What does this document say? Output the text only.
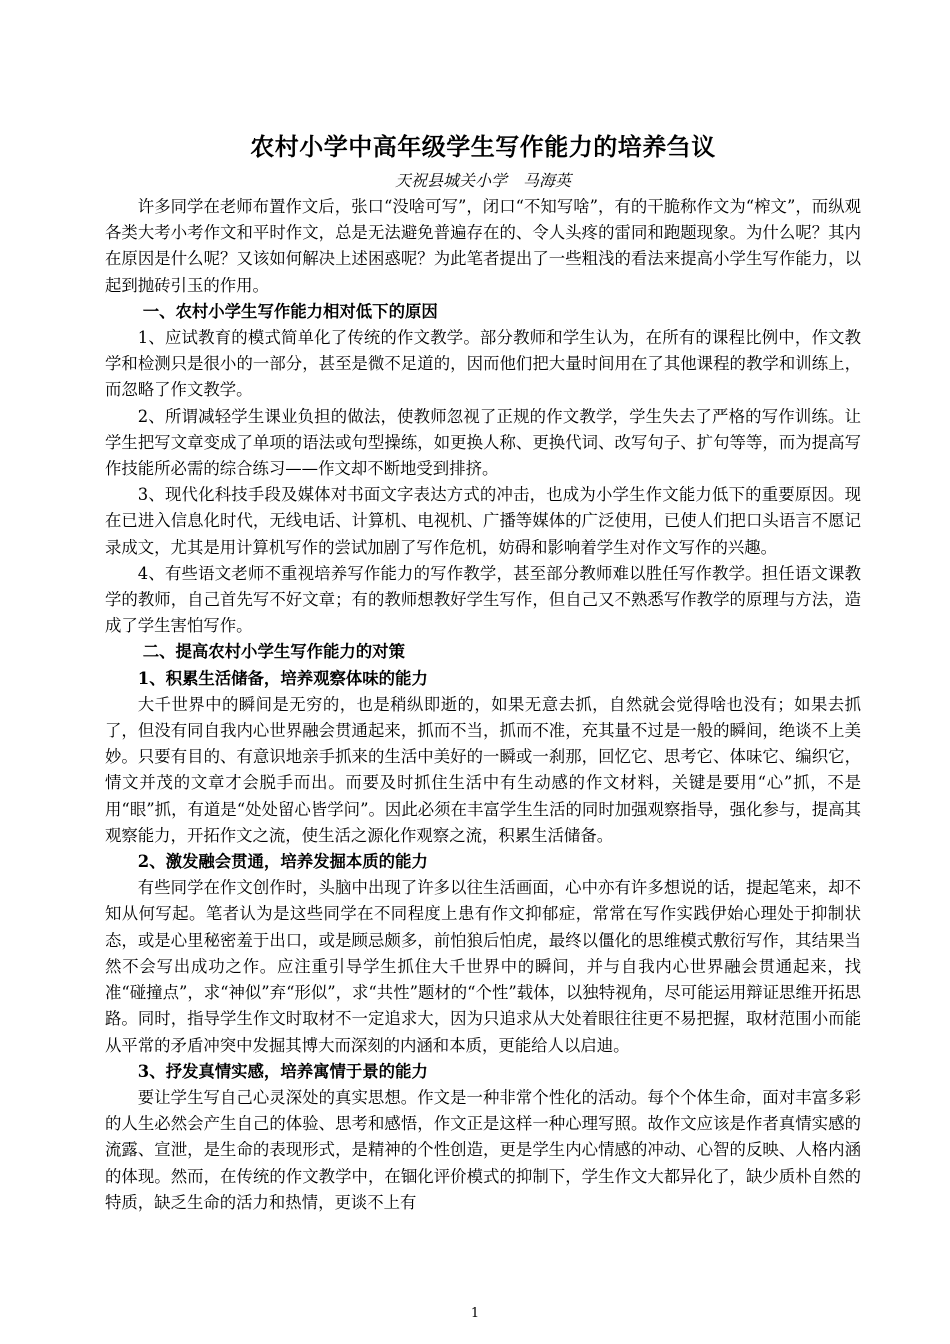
农村小学中高年级学生写作能力的培养刍议
天祝县城关小学　马海英

许多同学在老师布置作文后，张口“没啥可写”，闭口“不知写啥”，有的干脆称作文为“榨文”，而纵观各类大考小考作文和平时作文，总是无法避免普遍存在的、令人头疼的雷同和跑题现象。为什么呢？其内在原因是什么呢？又该如何解决上述困惑呢？为此笔者提出了一些粗浅的看法来提高小学生写作能力，以起到抛砖引玉的作用。

一、农村小学生写作能力相对低下的原因

1、应试教育的模式简单化了传统的作文教学。部分教师和学生认为，在所有的课程比例中，作文教学和检测只是很小的一部分，甚至是微不足道的，因而他们把大量时间用在了其他课程的教学和训练上，而忽略了作文教学。

2、所谓减轻学生课业负担的做法，使教师忽视了正规的作文教学，学生失去了严格的写作训练。让学生把写文章变成了单项的语法或句型操练，如更换人称、更换代词、改写句子、扩句等等，而为提高写作技能所必需的综合练习——作文却不断地受到排挤。

3、现代化科技手段及媒体对书面文字表达方式的冲击，也成为小学生作文能力低下的重要原因。现在已进入信息化时代，无线电话、计算机、电视机、广播等媒体的广泛使用，已使人们把口头语言不愿记录成文，尤其是用计算机写作的尝试加剧了写作危机，妨碍和影响着学生对作文写作的兴趣。

4、有些语文老师不重视培养写作能力的写作教学，甚至部分教师难以胜任写作教学。担任语文课教学的教师，自己首先写不好文章；有的教师想教好学生写作，但自己又不熟悉写作教学的原理与方法，造成了学生害怕写作。

二、提高农村小学生写作能力的对策

1、积累生活储备，培养观察体味的能力

大千世界中的瞬间是无穷的，也是稍纵即逝的，如果无意去抓，自然就会觉得啥也没有；如果去抓了，但没有同自我内心世界融会贯通起来，抓而不当，抓而不准，充其量不过是一般的瞬间，绝谈不上美妙。只要有目的、有意识地亲手抓来的生活中美好的一瞬或一刹那，回忆它、思考它、体味它、编织它，情文并茂的文章才会脱手而出。而要及时抓住生活中有生动感的作文材料，关键是要用“心”抓，不是用“眼”抓，有道是“处处留心皆学问”。因此必须在丰富学生生活的同时加强观察指导，强化参与，提高其观察能力，开拓作文之流，使生活之源化作观察之流，积累生活储备。

2、激发融会贯通，培养发掘本质的能力

有些同学在作文创作时，头脑中出现了许多以往生活画面，心中亦有许多想说的话，提起笔来，却不知从何写起。笔者认为是这些同学在不同程度上患有作文抑郁症，常常在写作实践伊始心理处于抑制状态，或是心里秘密羞于出口，或是顾忌颇多，前怕狼后怕虎，最终以僵化的思维模式敷衍写作，其结果当然不会写出成功之作。应注重引导学生抓住大千世界中的瞬间，并与自我内心世界融会贯通起来，找准“碰撞点”，求“神似”弃“形似”，求“共性”题材的“个性”载体，以独特视角，尽可能运用辩证思维开拓思路。同时，指导学生作文时取材不一定追求大，因为只追求从大处着眼往往更不易把握，取材范围小而能从平常的矛盾冲突中发掘其博大而深刻的内涵和本质，更能给人以启迪。

3、抒发真情实感，培养寓情于景的能力

要让学生写自己心灵深处的真实思想。作文是一种非常个性化的活动。每个个体生命，面对丰富多彩的人生必然会产生自己的体验、思考和感悟，作文正是这样一种心理写照。故作文应该是作者真情实感的流露、宣泄，是生命的表现形式，是精神的个性创造，更是学生内心情感的冲动、心智的反映、人格内涵的体现。然而，在传统的作文教学中，在锢化评价模式的抑制下，学生作文大都异化了，缺少质朴自然的特质，缺乏生命的活力和热情，更谈不上有

1
